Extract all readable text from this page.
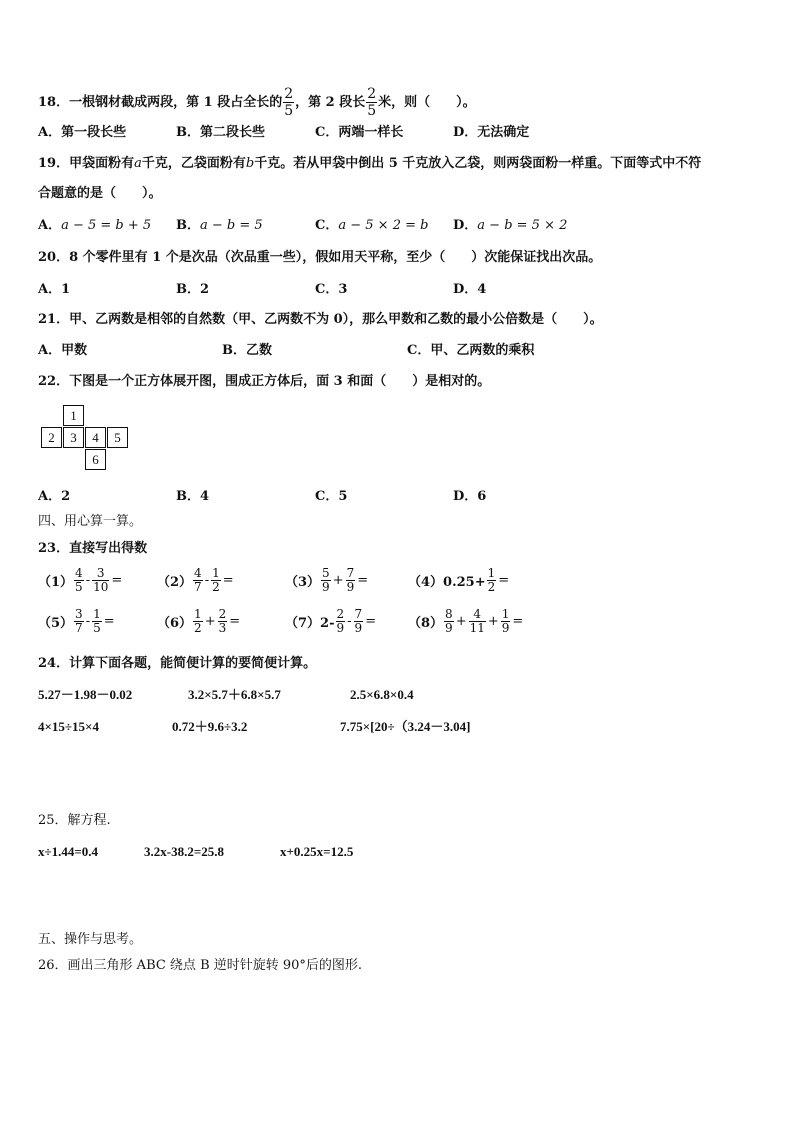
18．一根钢材截成两段，第 1 段占全长的 $\frac{2}{5}$ ，第 2 段长 $\frac{2}{5}$ 米，则（　　）。
A．第一段长些	B．第二段长些	C．两端一样长	D．无法确定
19．甲袋面粉有a千克，乙袋面粉有b千克。若从甲袋中倒出 5 千克放入乙袋，则两袋面粉一样重。下面等式中不符
合题意的是（　　）。
A．a − 5 = b + 5 B．a − b = 5	C．a − 5 × 2 = b D．a − b = 5 × 2
20．8 个零件里有 1 个是次品（次品重一些），假如用天平称，至少（　　）次能保证找出次品。
A．1	B．2	C．3	D．4
21．甲、乙两数是相邻的自然数（甲、乙两数不为 0），那么甲数和乙数的最小公倍数是（　　）。
A．甲数	B．乙数	C．甲、乙两数的乘积
22．下图是一个正方体展开图，围成正方体后，面 3 和面（　　）是相对的。
1
2	3	4	5
6
A．2	B．4	C．5	D．6
四、用心算一算。
23．直接写出得数
$(1) \frac{4}{5} - \frac{3}{10}$ =	$(2) \frac{4}{7} - \frac{1}{2}$ =	$(3) \frac{5}{9} + \frac{7}{9}$ =	$(4)0.25+ \frac{1}{2}$ =
$(5) \frac{3}{7} - \frac{1}{5}$ =	$(6) \frac{1}{2} + \frac{2}{3}$ =	$(7)2- \frac{2}{9} - \frac{7}{9} = (8) \frac{8}{9} + \frac{4}{11} + \frac{1}{9}$ =
24．计算下面各题，能简便计算的要简便计算。
5.27－1.98－0.02	3.2×5.7＋6.8×5.7	2.5×6.8×0.4
4×15÷15×4	0.72＋9.6÷3.2	7.75×[20÷（3.24－3.04]
25．解方程.
x÷1.44=0.4	3.2x-38.2=25.8	x+0.25x=12.5
五、操作与思考。
26．画出三角形 ABC 绕点 B 逆时针旋转 90°后的图形.
